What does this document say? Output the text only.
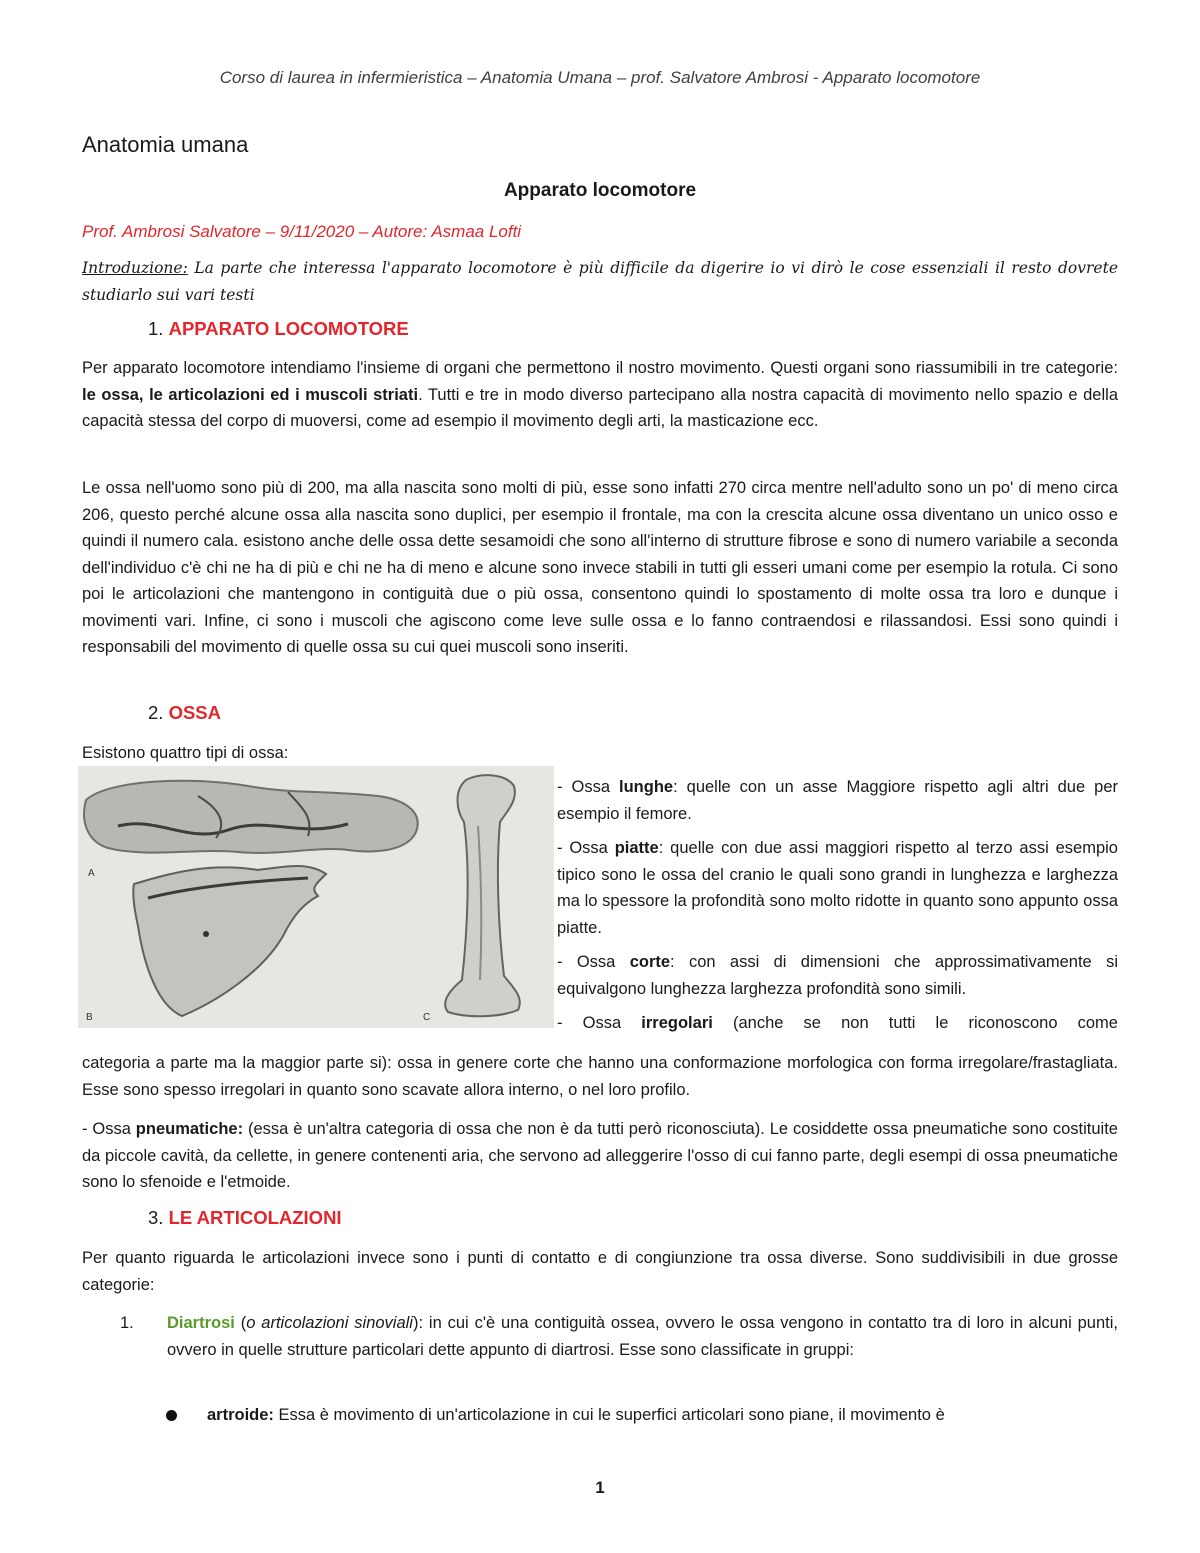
Corso di laurea in infermieristica – Anatomia Umana – prof. Salvatore Ambrosi - Apparato locomotore
Anatomia umana
Apparato locomotore
Prof. Ambrosi Salvatore – 9/11/2020 – Autore: Asmaa Lofti

Introduzione: La parte che interessa l'apparato locomotore è più difficile da digerire io vi dirò le cose essenziali il resto dovrete studiarlo sui vari testi

1. APPARATO LOCOMOTORE

Per apparato locomotore intendiamo l'insieme di organi che permettono il nostro movimento. Questi organi sono riassumibili in tre categorie: le ossa, le articolazioni ed i muscoli striati. Tutti e tre in modo diverso partecipano alla nostra capacità di movimento nello spazio e della capacità stessa del corpo di muoversi, come ad esempio il movimento degli arti, la masticazione ecc.

Le ossa nell'uomo sono più di 200, ma alla nascita sono molti di più, esse sono infatti 270 circa mentre nell'adulto sono un po' di meno circa 206, questo perché alcune ossa alla nascita sono duplici, per esempio il frontale, ma con la crescita alcune ossa diventano un unico osso e quindi il numero cala. esistono anche delle ossa dette sesamoidi che sono all'interno di strutture fibrose e sono di numero variabile a seconda dell'individuo c'è chi ne ha di più e chi ne ha di meno e alcune sono invece stabili in tutti gli esseri umani come per esempio la rotula. Ci sono poi le articolazioni che mantengono in contiguità due o più ossa, consentono quindi lo spostamento di molte ossa tra loro e dunque i movimenti vari. Infine, ci sono i muscoli che agiscono come leve sulle ossa e lo fanno contraendosi e rilassandosi. Essi sono quindi i responsabili del movimento di quelle ossa su cui quei muscoli sono inseriti.

2. OSSA

Esistono quattro tipi di ossa:

A
B	C

- Ossa lunghe: quelle con un asse Maggiore rispetto agli altri due per esempio il femore.

- Ossa piatte: quelle con due assi maggiori rispetto al terzo assi esempio tipico sono le ossa del cranio le quali sono grandi in lunghezza e larghezza ma lo spessore la profondità sono molto ridotte in quanto sono appunto ossa piatte.

- Ossa corte: con assi di dimensioni che approssimativamente si equivalgono lunghezza larghezza profondità sono simili.

- Ossa irregolari (anche se non tutti le riconoscono come

categoria a parte ma la maggior parte si): ossa in genere corte che hanno una conformazione morfologica con forma irregolare/frastagliata. Esse sono spesso irregolari in quanto sono scavate allora interno, o nel loro profilo.

- Ossa pneumatiche: (essa è un'altra categoria di ossa che non è da tutti però riconosciuta). Le cosiddette ossa pneumatiche sono costituite da piccole cavità, da cellette, in genere contenenti aria, che servono ad alleggerire l'osso di cui fanno parte, degli esempi di ossa pneumatiche sono lo sfenoide e l'etmoide.

3. LE ARTICOLAZIONI

Per quanto riguarda le articolazioni invece sono i punti di contatto e di congiunzione tra ossa diverse. Sono suddivisibili in due grosse categorie:

1. Diartrosi (o articolazioni sinoviali): in cui c'è una contiguità ossea, ovvero le ossa vengono in contatto tra di loro in alcuni punti, ovvero in quelle strutture particolari dette appunto di diartrosi. Esse sono classificate in gruppi:

artroide: Essa è movimento di un'articolazione in cui le superfici articolari sono piane, il movimento è
1
